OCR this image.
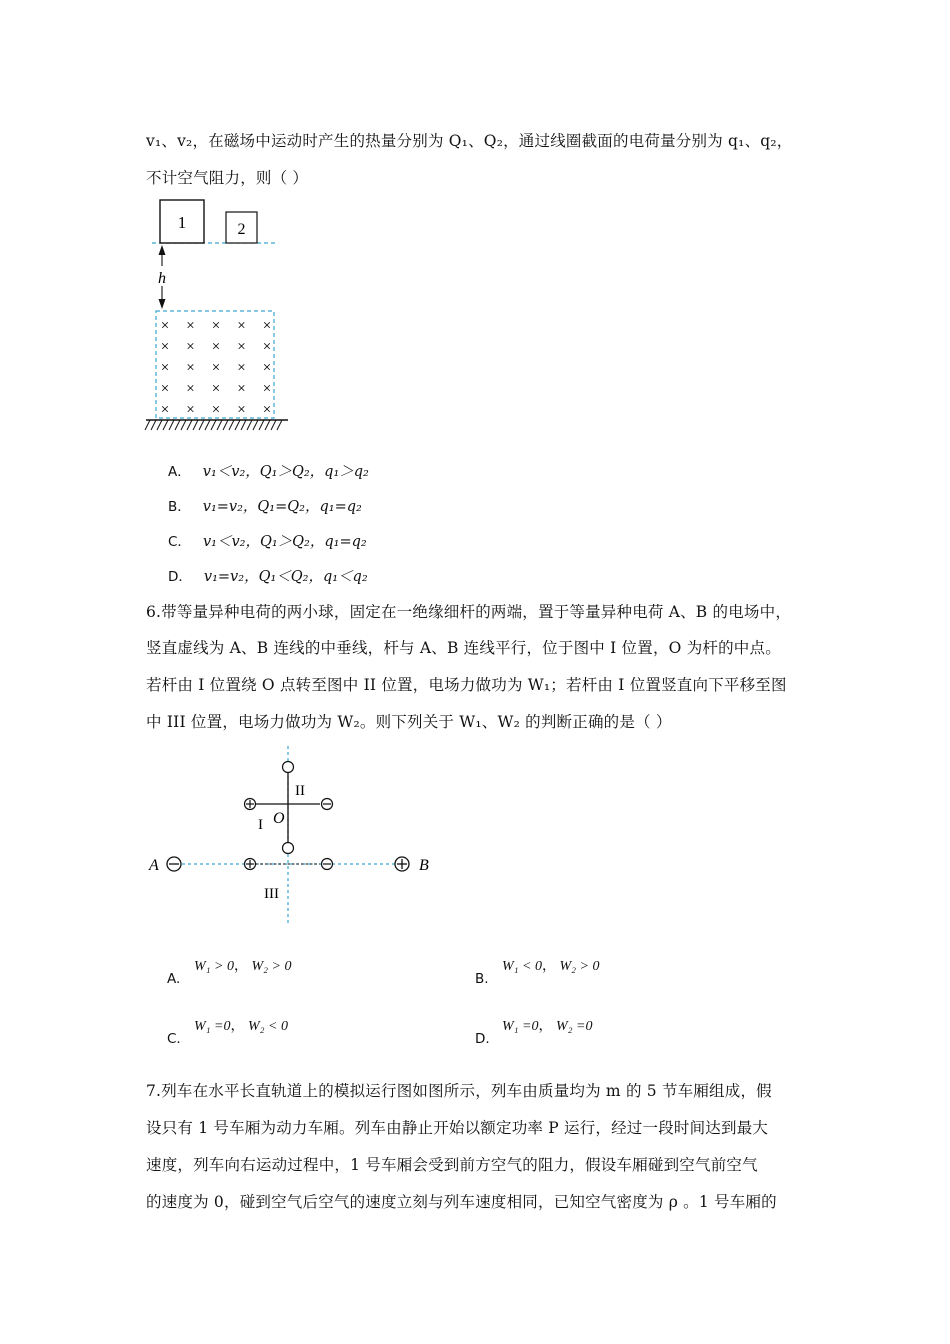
v₁、v₂，在磁场中运动时产生的热量分别为 Q₁、Q₂，通过线圈截面的电荷量分别为 q₁、q₂，
不计空气阻力，则（ ）
1	2
h
× × × × ×
× × × × ×
× × × × ×
× × × × ×
× × × × ×
A． v₁＜v₂，Q₁＞Q₂，q₁＞q₂
B． v₁=v₂，Q₁=Q₂，q₁=q₂
C． v₁＜v₂，Q₁＞Q₂，q₁=q₂
D． v₁=v₂，Q₁＜Q₂，q₁＜q₂
6.带等量异种电荷的两小球，固定在一绝缘细杆的两端，置于等量异种电荷 A、B 的电场中，
竖直虚线为 A、B 连线的中垂线，杆与 A、B 连线平行，位于图中 I 位置，O 为杆的中点。
若杆由 I 位置绕 O 点转至图中 II 位置，电场力做功为 W₁；若杆由 I 位置竖直向下平移至图
中 III 位置，电场力做功为 W₂。则下列关于 W₁、W₂ 的判断正确的是（ ）
A	B
II
I O
III
A.
W₁ > 0， W₂ > 0
B.
W₁ < 0， W₂ > 0
C.
W₁ =0， W₂ < 0
D.
W₁ =0， W₂ =0
7.列车在水平长直轨道上的模拟运行图如图所示，列车由质量均为 m 的 5 节车厢组成，假
设只有 1 号车厢为动力车厢。列车由静止开始以额定功率 P 运行，经过一段时间达到最大
速度，列车向右运动过程中，1 号车厢会受到前方空气的阻力，假设车厢碰到空气前空气
的速度为 0，碰到空气后空气的速度立刻与列车速度相同，已知空气密度为 ρ 。1 号车厢的
